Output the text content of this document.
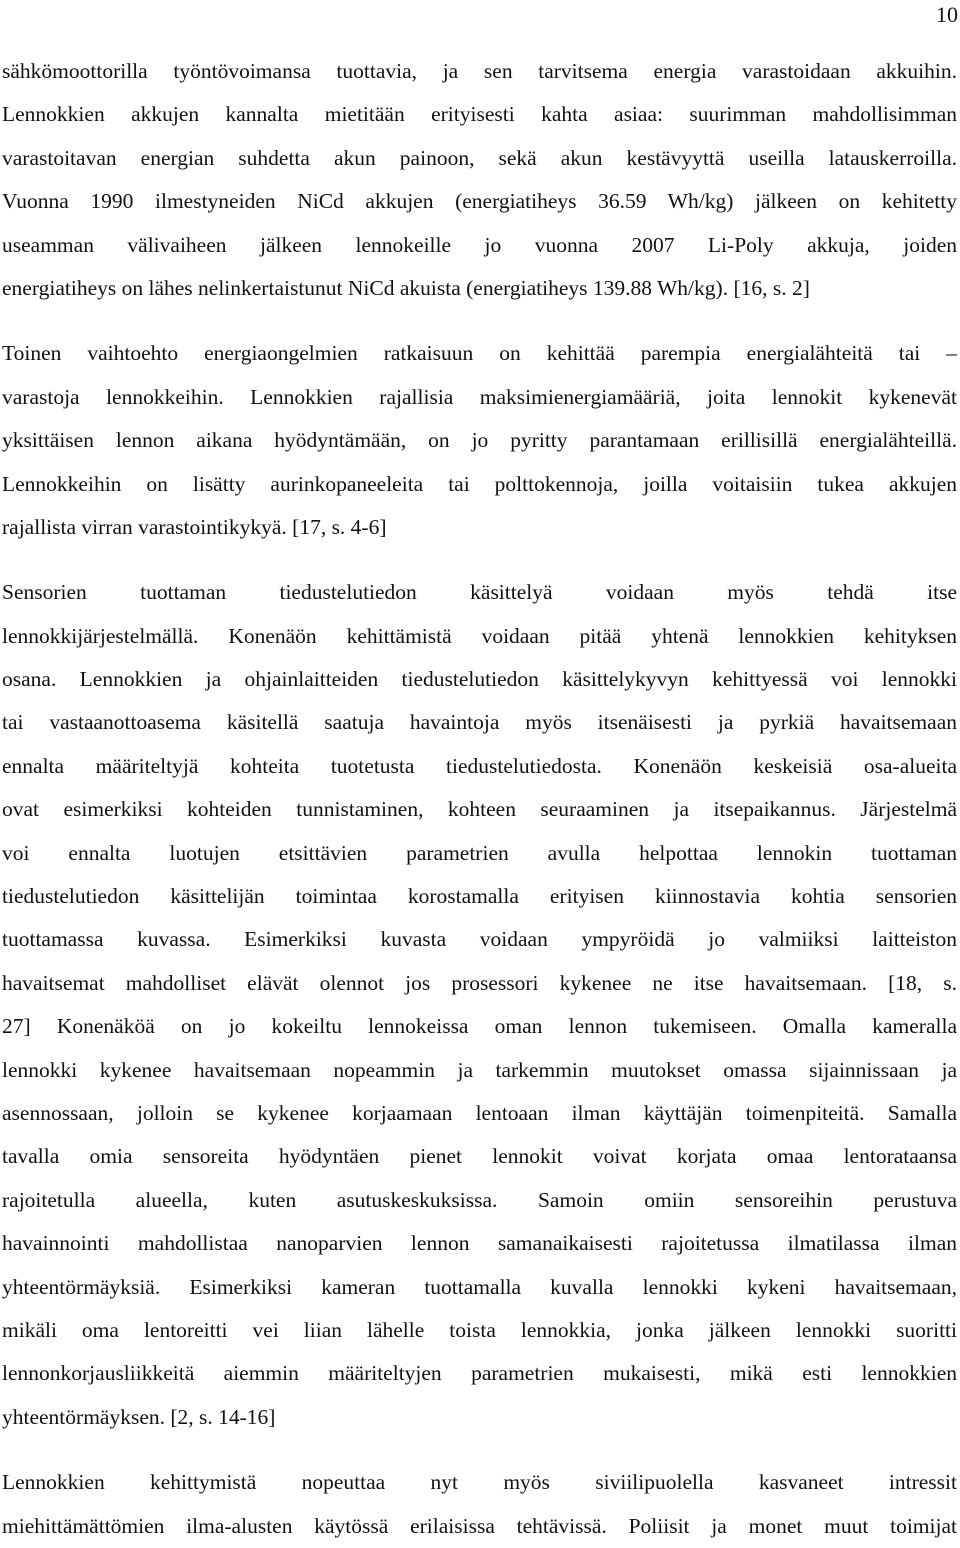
10
sähkömoottorilla työntövoimansa tuottavia, ja sen tarvitsema energia varastoidaan akkuihin.
Lennokkien akkujen kannalta mietitään erityisesti kahta asiaa: suurimman mahdollisimman
varastoitavan energian suhdetta akun painoon, sekä akun kestävyyttä useilla latauskerroilla.
Vuonna 1990 ilmestyneiden NiCd akkujen (energiatiheys 36.59 Wh/kg) jälkeen on kehitetty
useamman välivaiheen jälkeen lennokeille jo vuonna 2007 Li-Poly akkuja, joiden
energiatiheys on lähes nelinkertaistunut NiCd akuista (energiatiheys 139.88 Wh/kg). [16, s. 2]
Toinen vaihtoehto energiaongelmien ratkaisuun on kehittää parempia energialähteitä tai –
varastoja lennokkeihin. Lennokkien rajallisia maksimienergiamääriä, joita lennokit kykenevät
yksittäisen lennon aikana hyödyntämään, on jo pyritty parantamaan erillisillä energialähteillä.
Lennokkeihin on lisätty aurinkopaneeleita tai polttokennoja, joilla voitaisiin tukea akkujen
rajallista virran varastointikykyä. [17, s. 4-6]
Sensorien tuottaman tiedustelutiedon käsittelyä voidaan myös tehdä itse
lennokkijärjestelmällä. Konenäön kehittämistä voidaan pitää yhtenä lennokkien kehityksen
osana. Lennokkien ja ohjainlaitteiden tiedustelutiedon käsittelykyvyn kehittyessä voi lennokki
tai vastaanottoasema käsitellä saatuja havaintoja myös itsenäisesti ja pyrkiä havaitsemaan
ennalta määriteltyjä kohteita tuotetusta tiedustelutiedosta. Konenäön keskeisiä osa-alueita
ovat esimerkiksi kohteiden tunnistaminen, kohteen seuraaminen ja itsepaikannus. Järjestelmä
voi ennalta luotujen etsittävien parametrien avulla helpottaa lennokin tuottaman
tiedustelutiedon käsittelijän toimintaa korostamalla erityisen kiinnostavia kohtia sensorien
tuottamassa kuvassa. Esimerkiksi kuvasta voidaan ympyröidä jo valmiiksi laitteiston
havaitsemat mahdolliset elävät olennot jos prosessori kykenee ne itse havaitsemaan. [18, s.
27] Konenäköä on jo kokeiltu lennokeissa oman lennon tukemiseen. Omalla kameralla
lennokki kykenee havaitsemaan nopeammin ja tarkemmin muutokset omassa sijainnissaan ja
asennossaan, jolloin se kykenee korjaamaan lentoaan ilman käyttäjän toimenpiteitä. Samalla
tavalla omia sensoreita hyödyntäen pienet lennokit voivat korjata omaa lentorataansa
rajoitetulla alueella, kuten asutuskeskuksissa. Samoin omiin sensoreihin perustuva
havainnointi mahdollistaa nanoparvien lennon samanaikaisesti rajoitetussa ilmatilassa ilman
yhteentörmäyksiä. Esimerkiksi kameran tuottamalla kuvalla lennokki kykeni havaitsemaan,
mikäli oma lentoreitti vei liian lähelle toista lennokkia, jonka jälkeen lennokki suoritti
lennonkorjausliikkeitä aiemmin määriteltyjen parametrien mukaisesti, mikä esti lennokkien
yhteentörmäyksen. [2, s. 14-16]
Lennokkien kehittymistä nopeuttaa nyt myös siviilipuolella kasvaneet intressit
miehittämättömien ilma-alusten käytössä erilaisissa tehtävissä. Poliisit ja monet muut toimijat
